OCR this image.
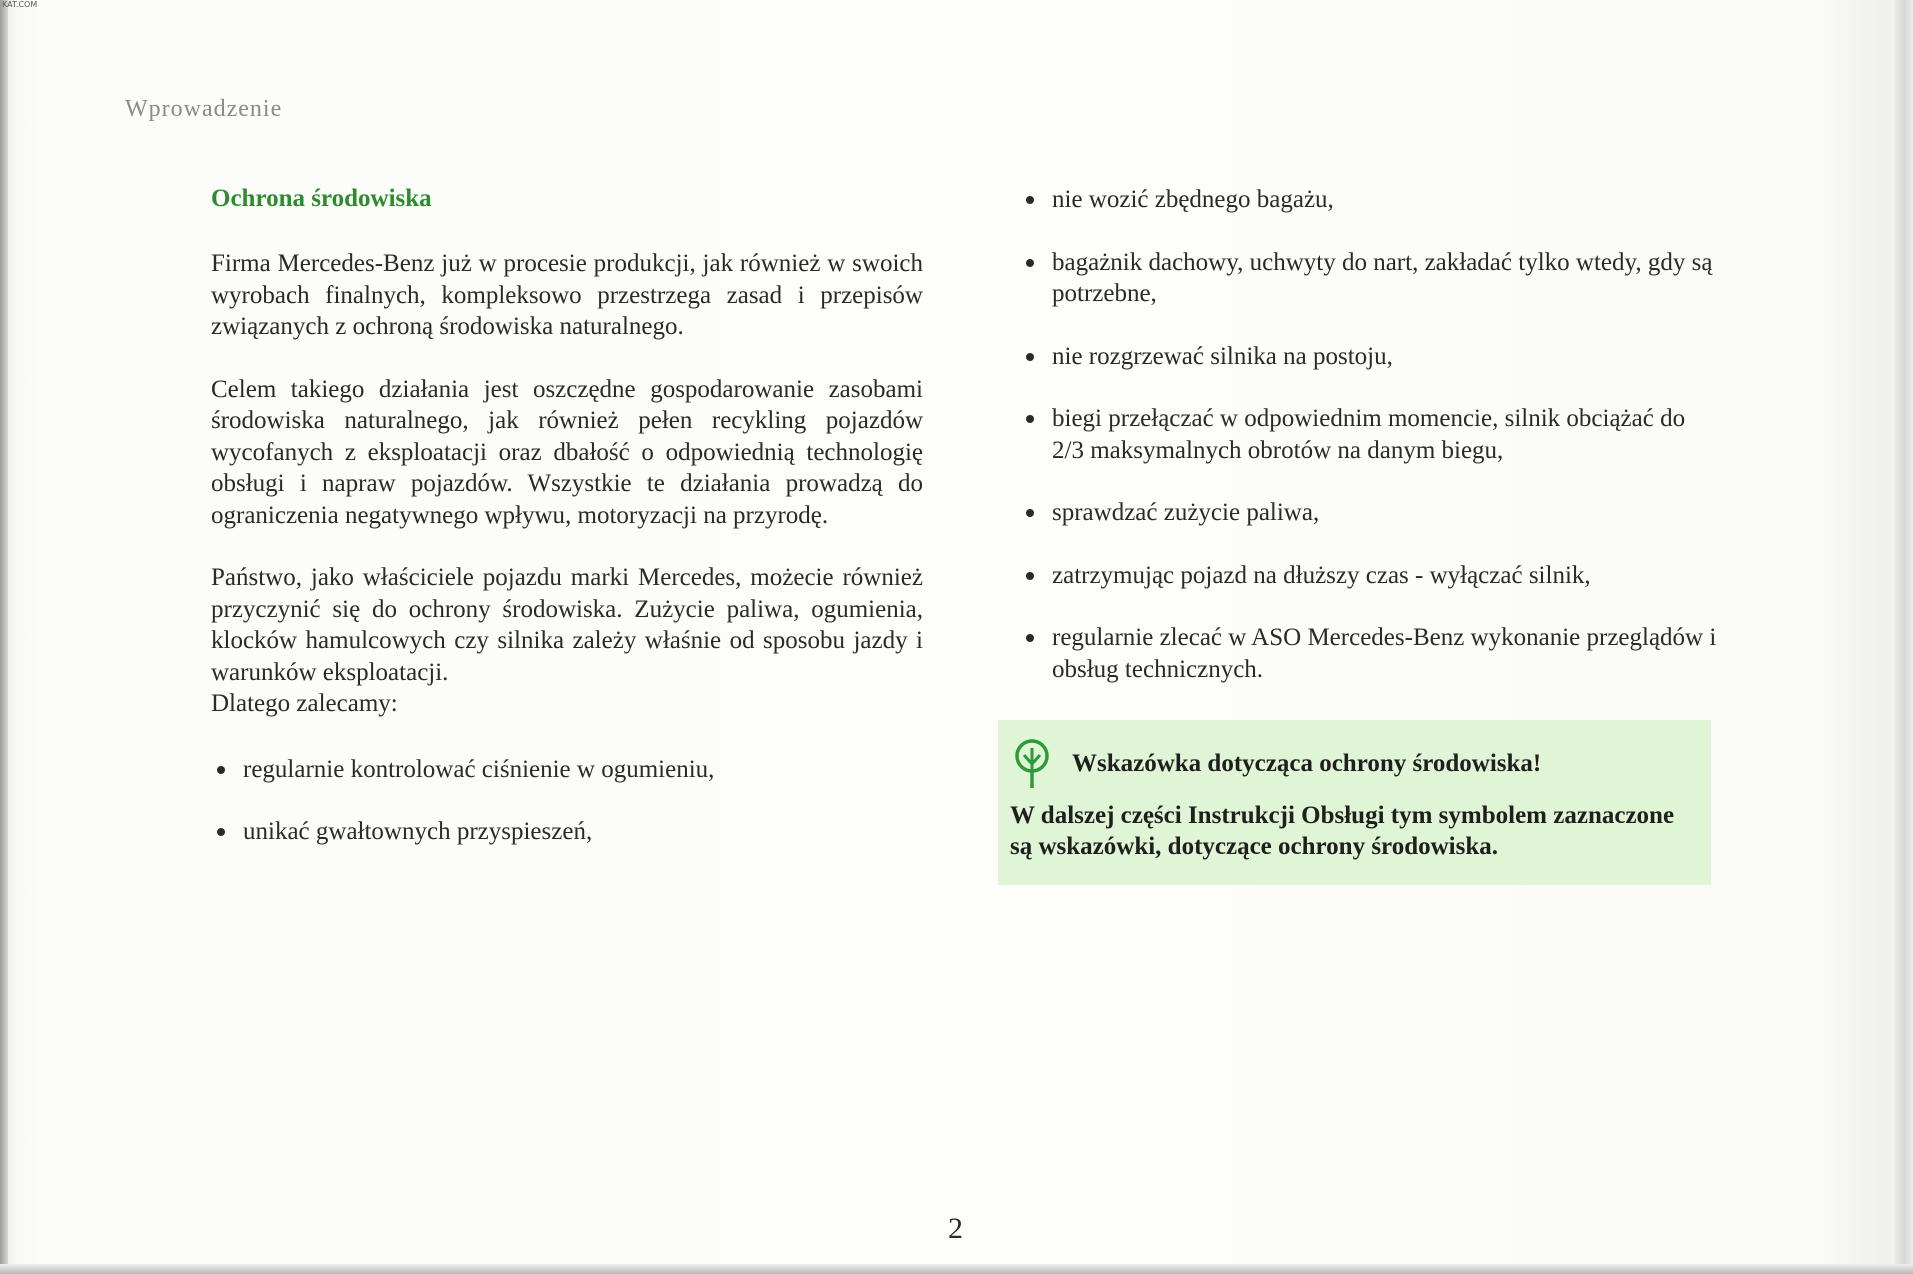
KAT.COM
Wprowadzenie
Ochrona środowiska

Firma Mercedes-Benz już w procesie produkcji, jak również w swoich wyrobach finalnych, kompleksowo przestrzega zasad i przepisów związanych z ochroną środowiska naturalnego.

Celem takiego działania jest oszczędne gospodarowanie zasobami środowiska naturalnego, jak również pełen recykling pojazdów wycofanych z eksploatacji oraz dbałość o odpowiednią technologię obsługi i napraw pojazdów. Wszystkie te działania prowadzą do ograniczenia negatywnego wpływu, motoryzacji na przyrodę.

Państwo, jako właściciele pojazdu marki Mercedes, możecie również przyczynić się do ochrony środowiska. Zużycie paliwa, ogumienia, klocków hamulcowych czy silnika zależy właśnie od sposobu jazdy i warunków eksploatacji.

Dlatego zalecamy:

regularnie kontrolować ciśnienie w ogumieniu,
unikać gwałtownych przyspieszeń,
nie wozić zbędnego bagażu,
bagażnik dachowy, uchwyty do nart, zakładać tylko wtedy, gdy są potrzebne,
nie rozgrzewać silnika na postoju,
biegi przełączać w odpowiednim momencie, silnik obciążać do 2/3 maksymalnych obrotów na danym biegu,
sprawdzać zużycie paliwa,
zatrzymując pojazd na dłuższy czas - wyłączać silnik,
regularnie zlecać w ASO Mercedes-Benz wykonanie przeglądów i obsług technicznych.
Wskazówka dotycząca ochrony środowiska!
W dalszej części Instrukcji Obsługi tym symbolem zaznaczone są wskazówki, dotyczące ochrony środowiska.
2
